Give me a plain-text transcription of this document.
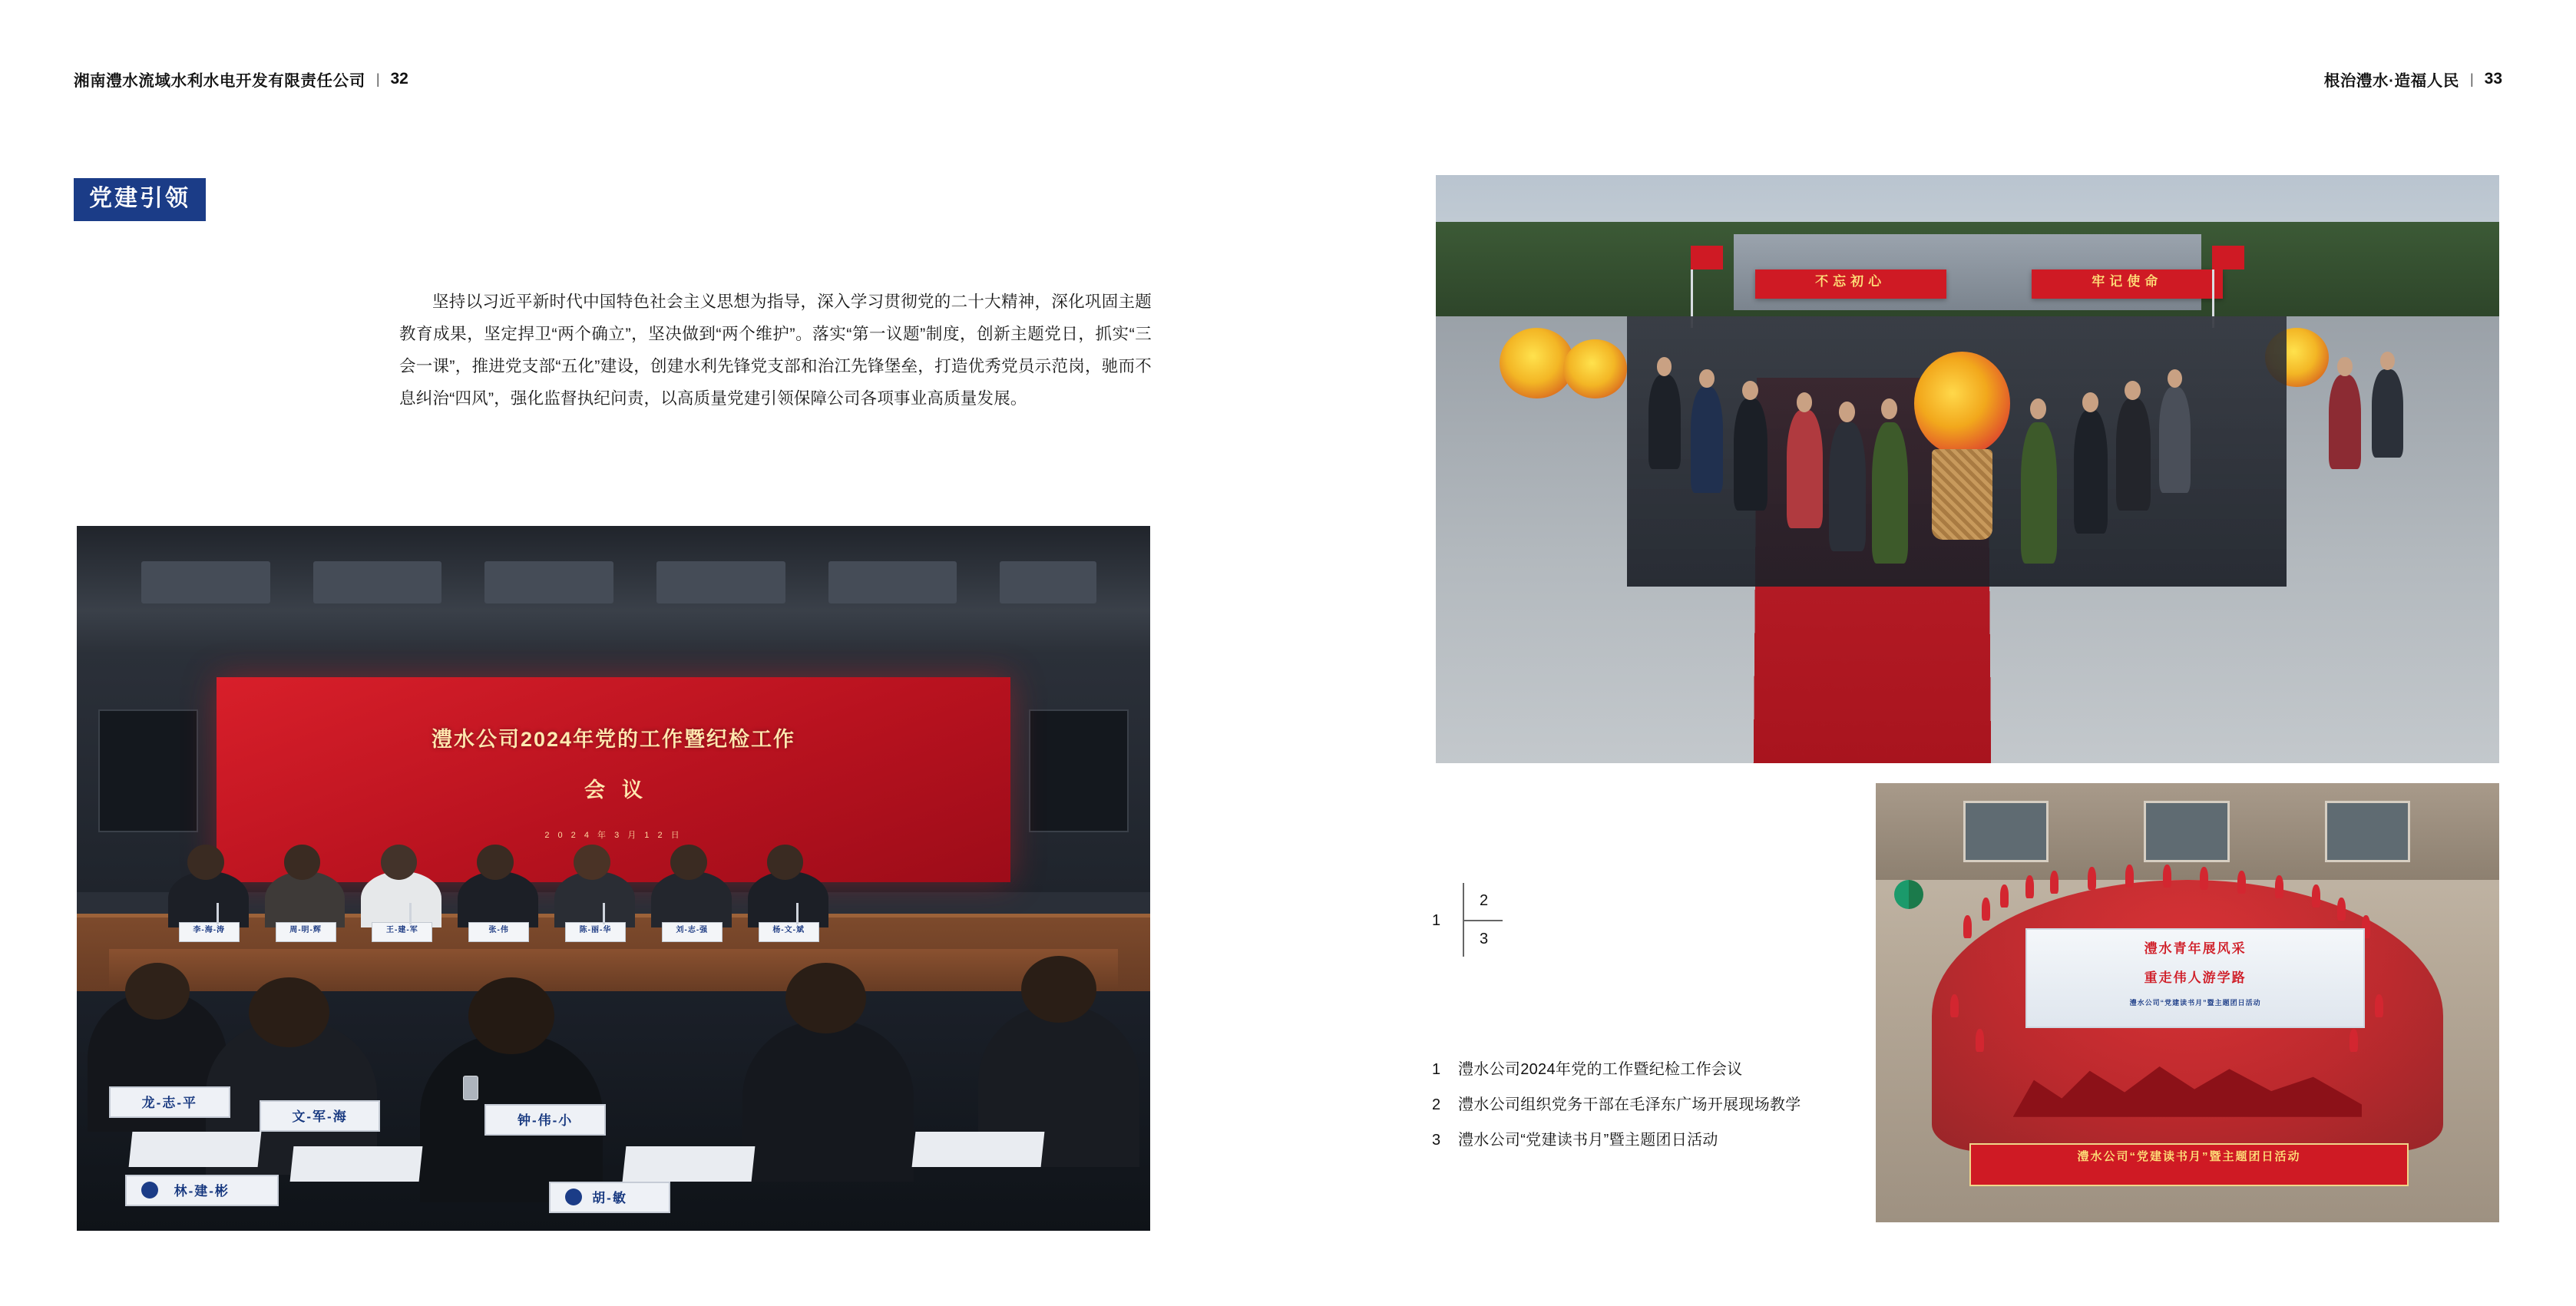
湘南澧水流域水利水电开发有限责任公司 | 32	根治澧水·造福人民 | 33
党建引领
坚持以习近平新时代中国特色社会主义思想为指导，深入学习贯彻党的二十大精神，深化巩固主题教育成果，坚定捍卫“两个确立”，坚决做到“两个维护”。落实“第一议题”制度，创新主题党日，抓实“三会一课”，推进党支部“五化”建设，创建水利先锋党支部和治江先锋堡垒，打造优秀党员示范岗，驰而不息纠治“四风”，强化监督执纪问责，以高质量党建引领保障公司各项事业高质量发展。
澧水公司2024年党的工作暨纪检工作
会议
2 0 2 4 年 3 月 1 2 日
李-海-涛	周-明-辉	王-建-军	张-伟	陈-丽-华	刘-志-强	杨-文-斌
龙-志-平
文-军-海	钟-伟-小
林-建-彬	胡-敏
不忘初心	牢记使命
澧水青年展风采
重走伟人游学路
澧水公司“党建读书月”暨主题团日活动
澧水公司“党建读书月”暨主题团日活动
1
2
3
1 澧水公司2024年党的工作暨纪检工作会议
2 澧水公司组织党务干部在毛泽东广场开展现场教学
3 澧水公司“党建读书月”暨主题团日活动
